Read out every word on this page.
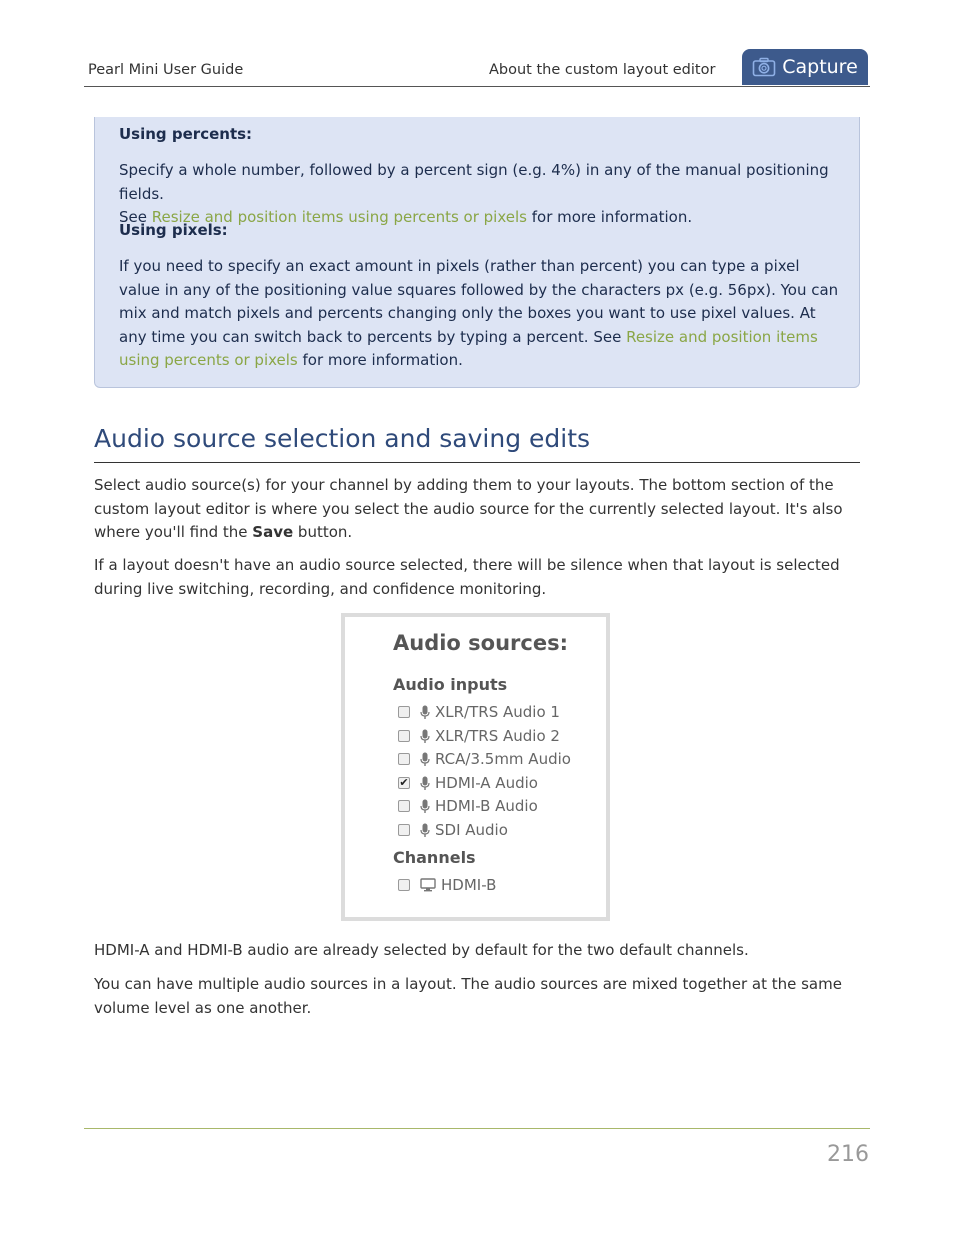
Pearl Mini User Guide	About the custom layout editor	Capture
Using percents:

Specify a whole number, followed by a percent sign (e.g. 4%) in any of the manual positioning fields.
See Resize and position items using percents or pixels for more information.

Using pixels:

If you need to specify an exact amount in pixels (rather than percent) you can type a pixel value in any of the positioning value squares followed by the characters px (e.g. 56px). You can mix and match pixels and percents changing only the boxes you want to use pixel values. At any time you can switch back to percents by typing a percent. See Resize and position items using percents or pixels for more information.

Audio source selection and saving edits

Select audio source(s) for your channel by adding them to your layouts. The bottom section of the custom layout editor is where you select the audio source for the currently selected layout. It's also where you'll find the Save button.

If a layout doesn't have an audio source selected, there will be silence when that layout is selected during live switching, recording, and confidence monitoring.

Audio sources:
Audio inputs
XLR/TRS Audio 1
XLR/TRS Audio 2
RCA/3.5mm Audio
✔ HDMI-A Audio
HDMI-B Audio
SDI Audio
Channels
HDMI-B

HDMI-A and HDMI-B audio are already selected by default for the two default channels.

You can have multiple audio sources in a layout. The audio sources are mixed together at the same volume level as one another.

216
